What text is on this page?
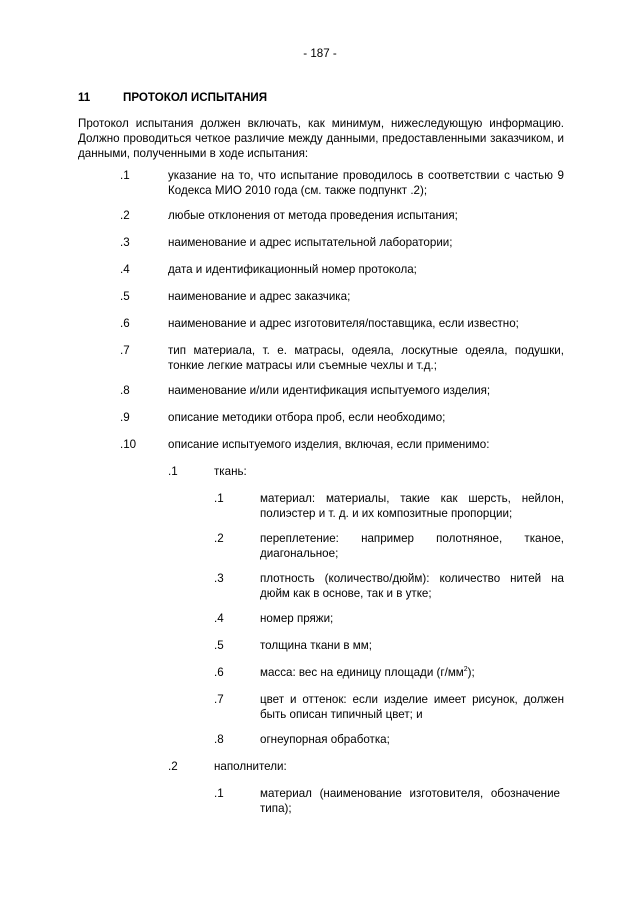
- 187 -
11	ПРОТОКОЛ ИСПЫТАНИЯ
Протокол испытания должен включать, как минимум, нижеследующую информацию. Должно проводиться четкое различие между данными, предоставленными заказчиком, и данными, полученными в ходе испытания:
.1	указание на то, что испытание проводилось в соответствии с частью 9 Кодекса МИО 2010 года (см. также подпункт .2);
.2	любые отклонения от метода проведения испытания;
.3	наименование и адрес испытательной лаборатории;
.4	дата и идентификационный номер протокола;
.5	наименование и адрес заказчика;
.6	наименование и адрес изготовителя/поставщика, если известно;
.7	тип материала, т. е. матрасы, одеяла, лоскутные одеяла, подушки, тонкие легкие матрасы или съемные чехлы и т.д.;
.8	наименование и/или идентификация испытуемого изделия;
.9	описание методики отбора проб, если необходимо;
.10	описание испытуемого изделия, включая, если применимо:
.1	ткань:
.1	материал: материалы, такие как шерсть, нейлон, полиэстер и т. д. и их композитные пропорции;
.2	переплетение: например полотняное, тканое, диагональное;
.3	плотность (количество/дюйм): количество нитей на дюйм как в основе, так и в утке;
.4	номер пряжи;
.5	толщина ткани в мм;
.6	масса: вес на единицу площади $(г/мм^2)$;
.7	цвет и оттенок: если изделие имеет рисунок, должен быть описан типичный цвет; и
.8	огнеупорная обработка;
.2	наполнители:
.1	материал (наименование изготовителя, обозначение типа);
